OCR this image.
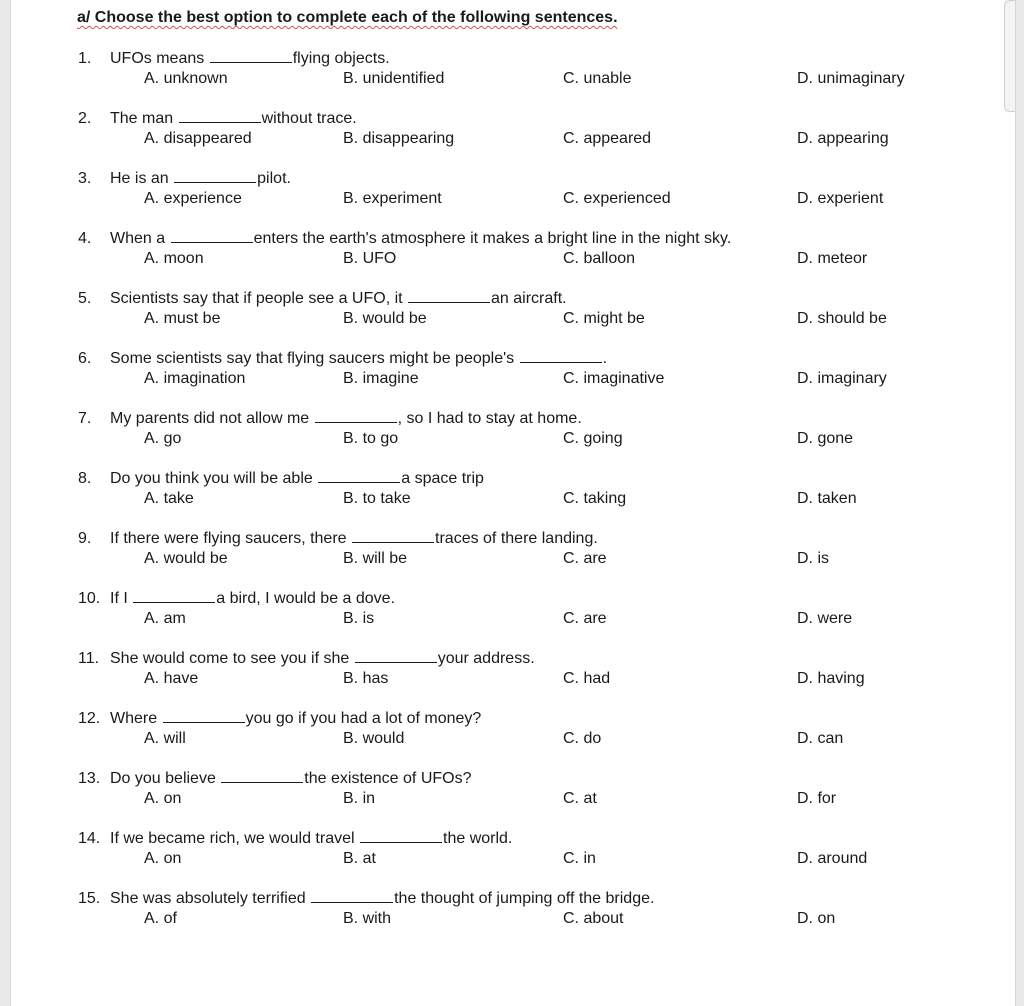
a/ Choose the best option to complete each of the following sentences.
1. UFOs means	flying objects.
A. unknown	B. unidentified	C. unable	D. unimaginary
2. The man	without trace.
A. disappeared	B. disappearing	C. appeared	D. appearing
3. He is an	pilot.
A. experience	B. experiment	C. experienced	D. experient
4. When a	enters the earth's atmosphere it makes a bright line in the night sky.
A. moon	B. UFO	C. balloon	D. meteor
5. Scientists say that if people see a UFO, it	an aircraft.
A. must be	B. would be	C. might be	D. should be
6. Some scientists say that flying saucers might be people's	.
A. imagination	B. imagine	C. imaginative	D. imaginary
7. My parents did not allow me	, so I had to stay at home.
A. go	B. to go	C. going	D. gone
8. Do you think you will be able	a space trip
A. take	B. to take	C. taking	D. taken
9. If there were flying saucers, there	traces of there landing.
A. would be	B. will be	C. are	D. is
10. If I	a bird, I would be a dove.
A. am	B. is	C. are	D. were
11. She would come to see you if she	your address.
A. have	B. has	C. had	D. having
12. Where	you go if you had a lot of money?
A. will	B. would	C. do	D. can
13. Do you believe	the existence of UFOs?
A. on	B. in	C. at	D. for
14. If we became rich, we would travel	the world.
A. on	B. at	C. in	D. around
15. She was absolutely terrified	the thought of jumping off the bridge.
A. of	B. with	C. about	D. on
